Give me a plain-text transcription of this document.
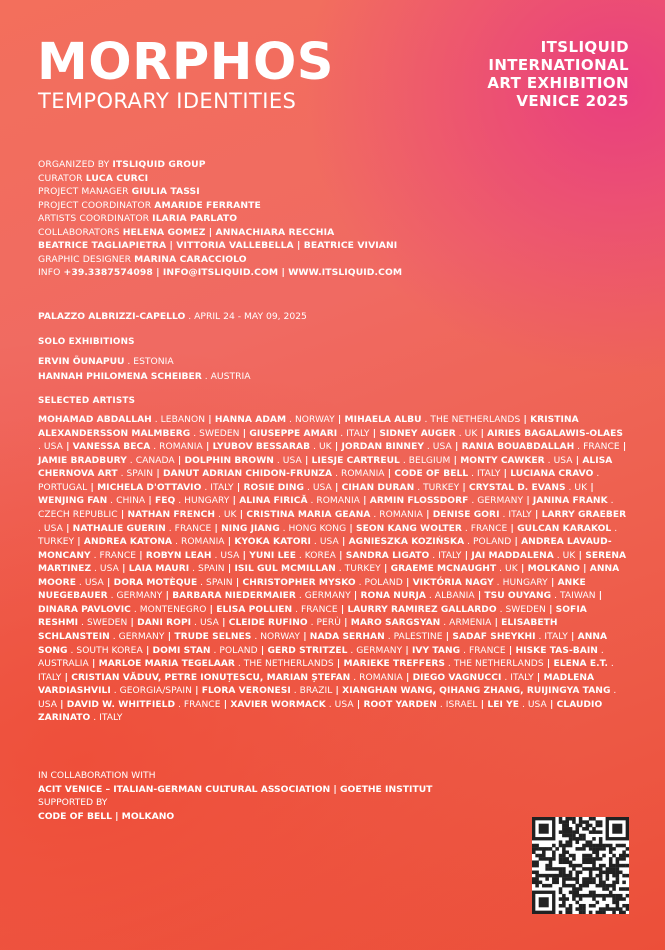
MORPHOS
TEMPORARY IDENTITIES
ITSLIQUID
INTERNATIONAL
ART EXHIBITION
VENICE 2025
ORGANIZED BY ITSLIQUID GROUP
CURATOR LUCA CURCI
PROJECT MANAGER GIULIA TASSI
PROJECT COORDINATOR AMARIDE FERRANTE
ARTISTS COORDINATOR ILARIA PARLATO
COLLABORATORS HELENA GOMEZ | ANNACHIARA RECCHIA
BEATRICE TAGLIAPIETRA | VITTORIA VALLEBELLA | BEATRICE VIVIANI
GRAPHIC DESIGNER MARINA CARACCIOLO
INFO +39.3387574098 | INFO@ITSLIQUID.COM | WWW.ITSLIQUID.COM
PALAZZO ALBRIZZI-CAPELLO . APRIL 24 - MAY 09, 2025
SOLO EXHIBITIONS
ERVIN ÕUNAPUU . ESTONIA
HANNAH PHILOMENA SCHEIBER . AUSTRIA
SELECTED ARTISTS
MOHAMAD ABDALLAH . LEBANON | HANNA ADAM . NORWAY | MIHAELA ALBU . THE NETHERLANDS | KRISTINA ALEXANDERSSON MALMBERG . SWEDEN | GIUSEPPE AMARI . ITALY | SIDNEY AUGER . UK | AIRIES BAGALAWIS-OLAES . USA | VANESSA BECA . ROMANIA | LYUBOV BESSARAB . UK | JORDAN BINNEY . USA | RANIA BOUABDALLAH . FRANCE | JAMIE BRADBURY . CANADA | DOLPHIN BROWN . USA | LIESJE CARTREUL . BELGIUM | MONTY CAWKER . USA | ALISA CHERNOVA ART . SPAIN | DANUT ADRIAN CHIDON-FRUNZA . ROMANIA | CODE OF BELL . ITALY | LUCIANA CRAVO . PORTUGAL | MICHELA D'OTTAVIO . ITALY | ROSIE DING . USA | CIHAN DURAN . TURKEY | CRYSTAL D. EVANS . UK | WENJING FAN . CHINA | FEQ . HUNGARY | ALINA FIRICĂ . ROMANIA | ARMIN FLOSSDORF . GERMANY | JANINA FRANK . CZECH REPUBLIC | NATHAN FRENCH . UK | CRISTINA MARIA GEANA . ROMANIA | DENISE GORI . ITALY | LARRY GRAEBER . USA | NATHALIE GUERIN . FRANCE | NING JIANG . HONG KONG | SEON KANG WOLTER . FRANCE | GULCAN KARAKOL . TURKEY | ANDREA KATONA . ROMANIA | KYOKA KATORI . USA | AGNIESZKA KOZIŃSKA . POLAND | ANDREA LAVAUD-MONCANY . FRANCE | ROBYN LEAH . USA | YUNI LEE . KOREA | SANDRA LIGATO . ITALY | JAI MADDALENA . UK | SERENA MARTINEZ . USA | LAIA MAURI . SPAIN | ISIL GUL MCMILLAN . TURKEY | GRAEME MCNAUGHT . UK | MOLKANO | ANNA MOORE . USA | DORA MOTÈQUE . SPAIN | CHRISTOPHER MYSKO . POLAND | VIKTÓRIA NAGY . HUNGARY | ANKE NUEGEBAUER . GERMANY | BARBARA NIEDERMAIER . GERMANY | RONA NURJA . ALBANIA | TSU OUYANG . TAIWAN | DINARA PAVLOVIC . MONTENEGRO | ELISA POLLIEN . FRANCE | LAURRY RAMIREZ GALLARDO . SWEDEN | SOFIA RESHMI . SWEDEN | DANI ROPI . USA | CLEIDE RUFINO . PERÙ | MARO SARGSYAN . ARMENIA | ELISABETH SCHLANSTEIN . GERMANY | TRUDE SELNES . NORWAY | NADA SERHAN . PALESTINE | SADAF SHEYKHI . ITALY | ANNA SONG . SOUTH KOREA | DOMI STAN . POLAND | GERD STRITZEL . GERMANY | IVY TANG . FRANCE | HISKE TAS-BAIN . AUSTRALIA | MARLOE MARIA TEGELAAR . THE NETHERLANDS | MARIEKE TREFFERS . THE NETHERLANDS | ELENA E.T. . ITALY | CRISTIAN VĂDUV, PETRE IONUȚESCU, MARIAN ȘTEFAN . ROMANIA | DIEGO VAGNUCCI . ITALY | MADLENA VARDIASHVILI . GEORGIA/SPAIN | FLORA VERONESI . BRAZIL | XIANGHAN WANG, QIHANG ZHANG, RUIJINGYA TANG . USA | DAVID W. WHITFIELD . FRANCE | XAVIER WORMACK . USA | ROOT YARDEN . ISRAEL | LEI YE . USA | CLAUDIO ZARINATO . ITALY
IN COLLABORATION WITH
ACIT VENICE – ITALIAN-GERMAN CULTURAL ASSOCIATION | GOETHE INSTITUT
SUPPORTED BY
CODE OF BELL | MOLKANO
